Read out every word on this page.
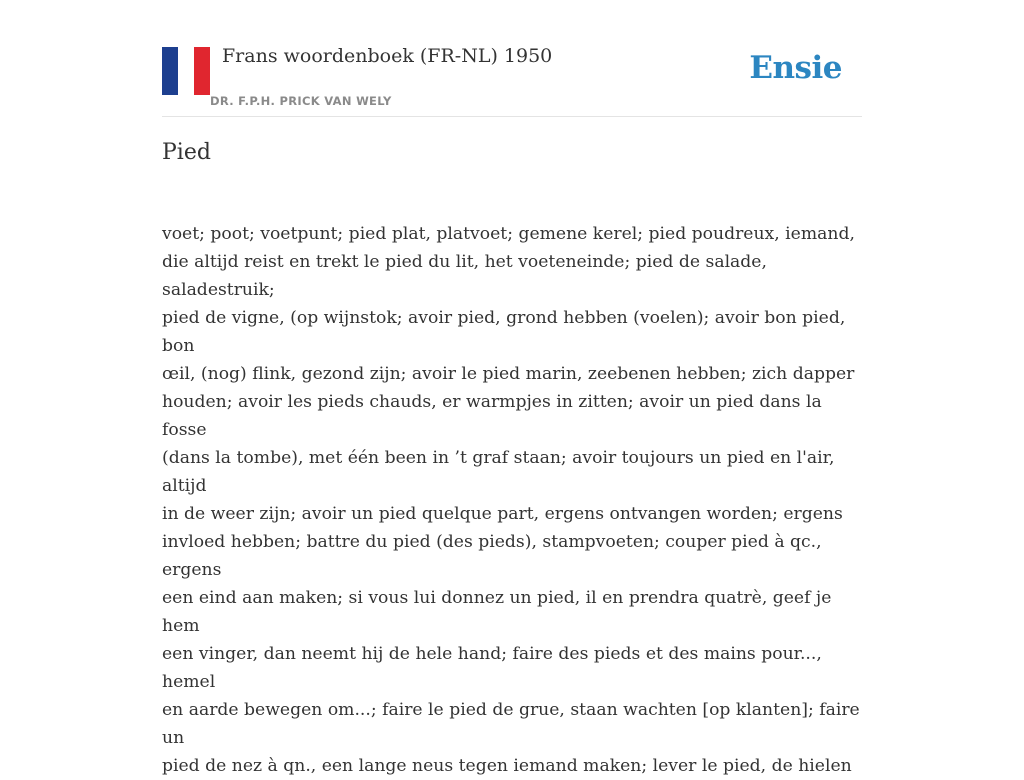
Frans woordenboek (FR-NL) 1950
DR. F.P.H. PRICK VAN WELY
Ensie
Pied

voet; poot; voetpunt; pied plat, platvoet; gemene kerel; pied poudreux, iemand,
die altijd reist en trekt le pied du lit, het voeteneinde; pied de salade, saladestruik;
pied de vigne, (op wijnstok; avoir pied, grond hebben (voelen); avoir bon pied, bon
œil, (nog) flink, gezond zijn; avoir le pied marin, zeebenen hebben; zich dapper
houden; avoir les pieds chauds, er warmpjes in zitten; avoir un pied dans la fosse
(dans la tombe), met één been in ’t graf staan; avoir toujours un pied en l'air, altijd
in de weer zijn; avoir un pied quelque part, ergens ontvangen worden; ergens
invloed hebben; battre du pied (des pieds), stampvoeten; couper pied à qc., ergens
een eind aan maken; si vous lui donnez un pied, il en prendra quatrè, geef je hem
een vinger, dan neemt hij de hele hand; faire des pieds et des mains pour..., hemel
en aarde bewegen om...; faire le pied de grue, staan wachten [op klanten]; faire un
pied de nez à qn., een lange neus tegen iemand maken; lever le pied, de hielen
